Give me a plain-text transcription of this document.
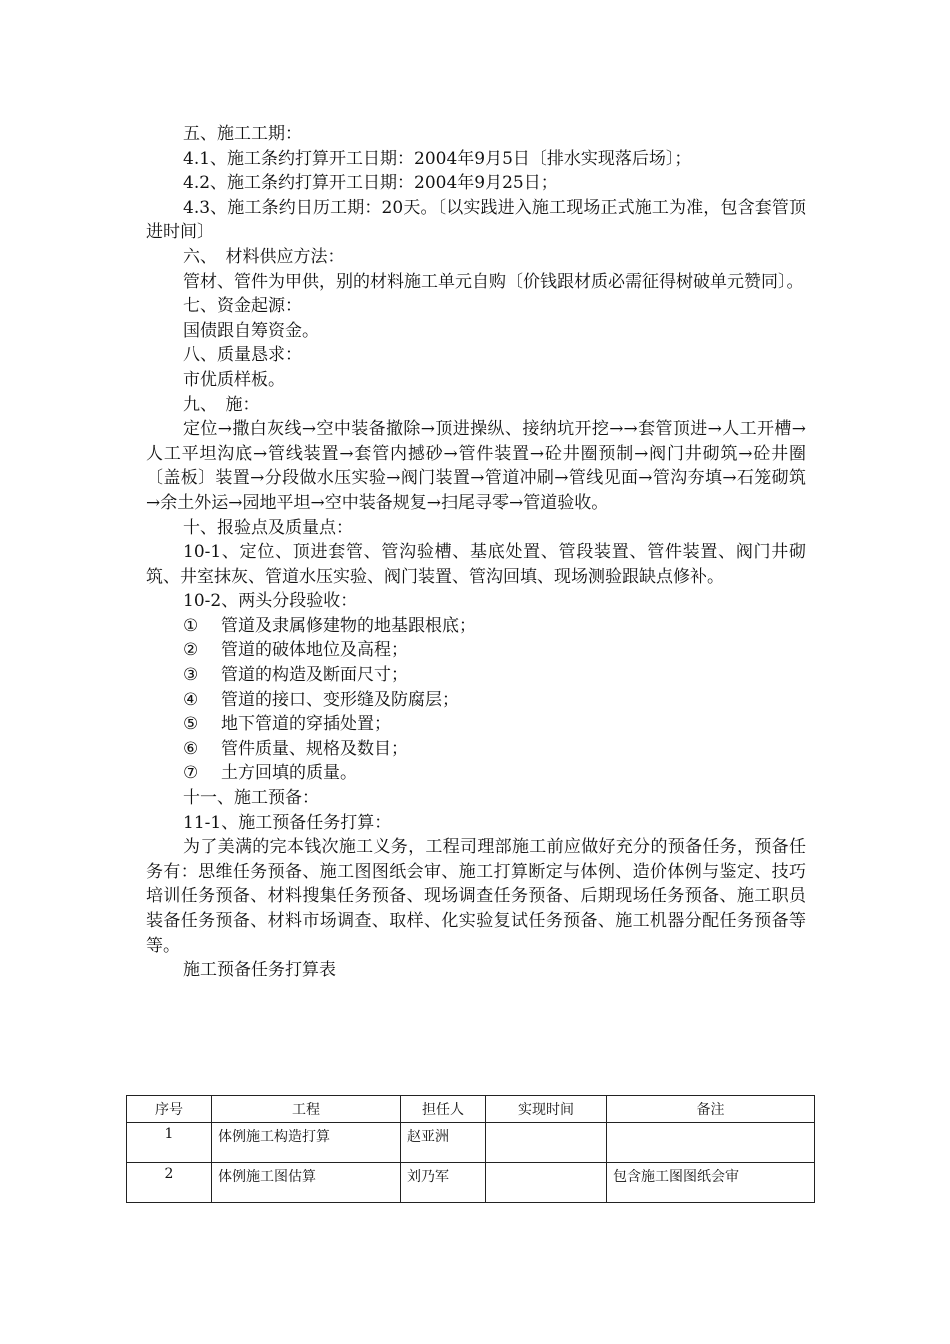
五、施工工期：
4.1、施工条约打算开工日期：2004年9月5日〔排水实现落后场〕；
4.2、施工条约打算开工日期：2004年9月25日；
4.3、施工条约日历工期：20天。〔以实践进入施工现场正式施工为准，包含套管顶进时间〕
六、　材料供应方法：
管材、管件为甲供，别的材料施工单元自购〔价钱跟材质必需征得树破单元赞同〕。
七、资金起源：
国债跟自筹资金。
八、质量恳求：
市优质样板。
九、　施：
定位→撒白灰线→空中装备撤除→顶进操纵、接纳坑开挖→→套管顶进→人工开槽→人工平坦沟底→管线装置→套管内撼砂→管件装置→砼井圈预制→阀门井砌筑→砼井圈〔盖板〕装置→分段做水压实验→阀门装置→管道冲刷→管线见面→管沟夯填→石笼砌筑→余土外运→园地平坦→空中装备规复→扫尾寻零→管道验收。
十、报验点及质量点：
10-1、定位、顶进套管、管沟验槽、基底处置、管段装置、管件装置、阀门井砌筑、井室抹灰、管道水压实验、阀门装置、管沟回填、现场测验跟缺点修补。
10-2、两头分段验收：
① 管道及隶属修建物的地基跟根底；
② 管道的破体地位及高程；
③ 管道的构造及断面尺寸；
④ 管道的接口、变形缝及防腐层；
⑤ 地下管道的穿插处置；
⑥ 管件质量、规格及数目；
⑦ 土方回填的质量。
十一、施工预备：
11-1、施工预备任务打算：
为了美满的完本钱次施工义务，工程司理部施工前应做好充分的预备任务，预备任务有：思维任务预备、施工图图纸会审、施工打算断定与体例、造价体例与鉴定、技巧培训任务预备、材料搜集任务预备、现场调查任务预备、后期现场任务预备、施工职员装备任务预备、材料市场调查、取样、化实验复试任务预备、施工机器分配任务预备等等。
施工预备任务打算表
序号	工程	担任人	实现时间	备注
1	体例施工构造打算	赵亚洲		
2	体例施工图估算	刘乃军		包含施工图图纸会审
